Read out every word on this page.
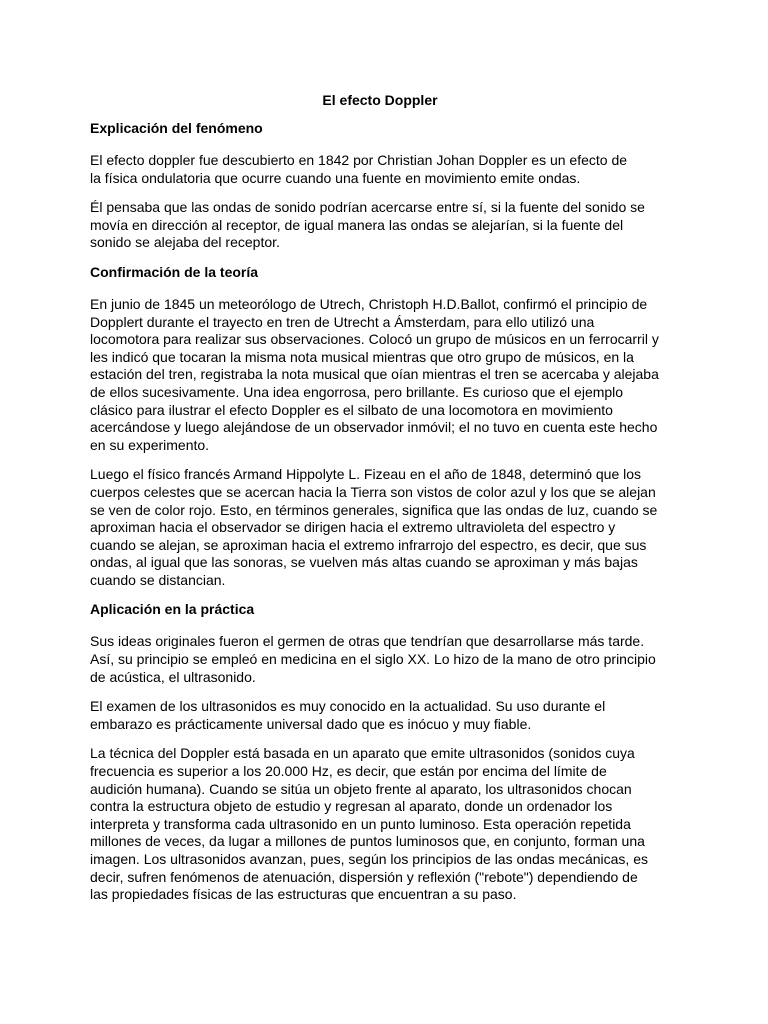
El efecto Doppler
Explicación del fenómeno

El efecto doppler fue descubierto en 1842 por Christian Johan Doppler es un efecto de
la física ondulatoria que ocurre cuando una fuente en movimiento emite ondas.

Él pensaba que las ondas de sonido podrían acercarse entre sí, si la fuente del sonido se
movía en dirección al receptor, de igual manera las ondas se alejarían, si la fuente del
sonido se alejaba del receptor.

Confirmación de la teoría

En junio de 1845 un meteorólogo de Utrech, Christoph H.D.Ballot, confirmó el principio de
Dopplert durante el trayecto en tren de Utrecht a Ámsterdam, para ello utilizó una
locomotora para realizar sus observaciones. Colocó un grupo de músicos en un ferrocarril y
les indicó que tocaran la misma nota musical mientras que otro grupo de músicos, en la
estación del tren, registraba la nota musical que oían mientras el tren se acercaba y alejaba
de ellos sucesivamente. Una idea engorrosa, pero brillante. Es curioso que el ejemplo
clásico para ilustrar el efecto Doppler es el silbato de una locomotora en movimiento
acercándose y luego alejándose de un observador inmóvil; el no tuvo en cuenta este hecho
en su experimento.

Luego el físico francés Armand Hippolyte L. Fizeau en el año de 1848, determinó que los
cuerpos celestes que se acercan hacia la Tierra son vistos de color azul y los que se alejan
se ven de color rojo. Esto, en términos generales, significa que las ondas de luz, cuando se
aproximan hacia el observador se dirigen hacia el extremo ultravioleta del espectro y
cuando se alejan, se aproximan hacia el extremo infrarrojo del espectro, es decir, que sus
ondas, al igual que las sonoras, se vuelven más altas cuando se aproximan y más bajas
cuando se distancian.

Aplicación en la práctica

Sus ideas originales fueron el germen de otras que tendrían que desarrollarse más tarde.
Así, su principio se empleó en medicina en el siglo XX. Lo hizo de la mano de otro principio
de acústica, el ultrasonido.

El examen de los ultrasonidos es muy conocido en la actualidad. Su uso durante el
embarazo es prácticamente universal dado que es inócuo y muy fiable.

La técnica del Doppler está basada en un aparato que emite ultrasonidos (sonidos cuya
frecuencia es superior a los 20.000 Hz, es decir, que están por encima del límite de
audición humana). Cuando se sitúa un objeto frente al aparato, los ultrasonidos chocan
contra la estructura objeto de estudio y regresan al aparato, donde un ordenador los
interpreta y transforma cada ultrasonido en un punto luminoso. Esta operación repetida
millones de veces, da lugar a millones de puntos luminosos que, en conjunto, forman una
imagen. Los ultrasonidos avanzan, pues, según los principios de las ondas mecánicas, es
decir, sufren fenómenos de atenuación, dispersión y reflexión ("rebote") dependiendo de
las propiedades físicas de las estructuras que encuentran a su paso.
